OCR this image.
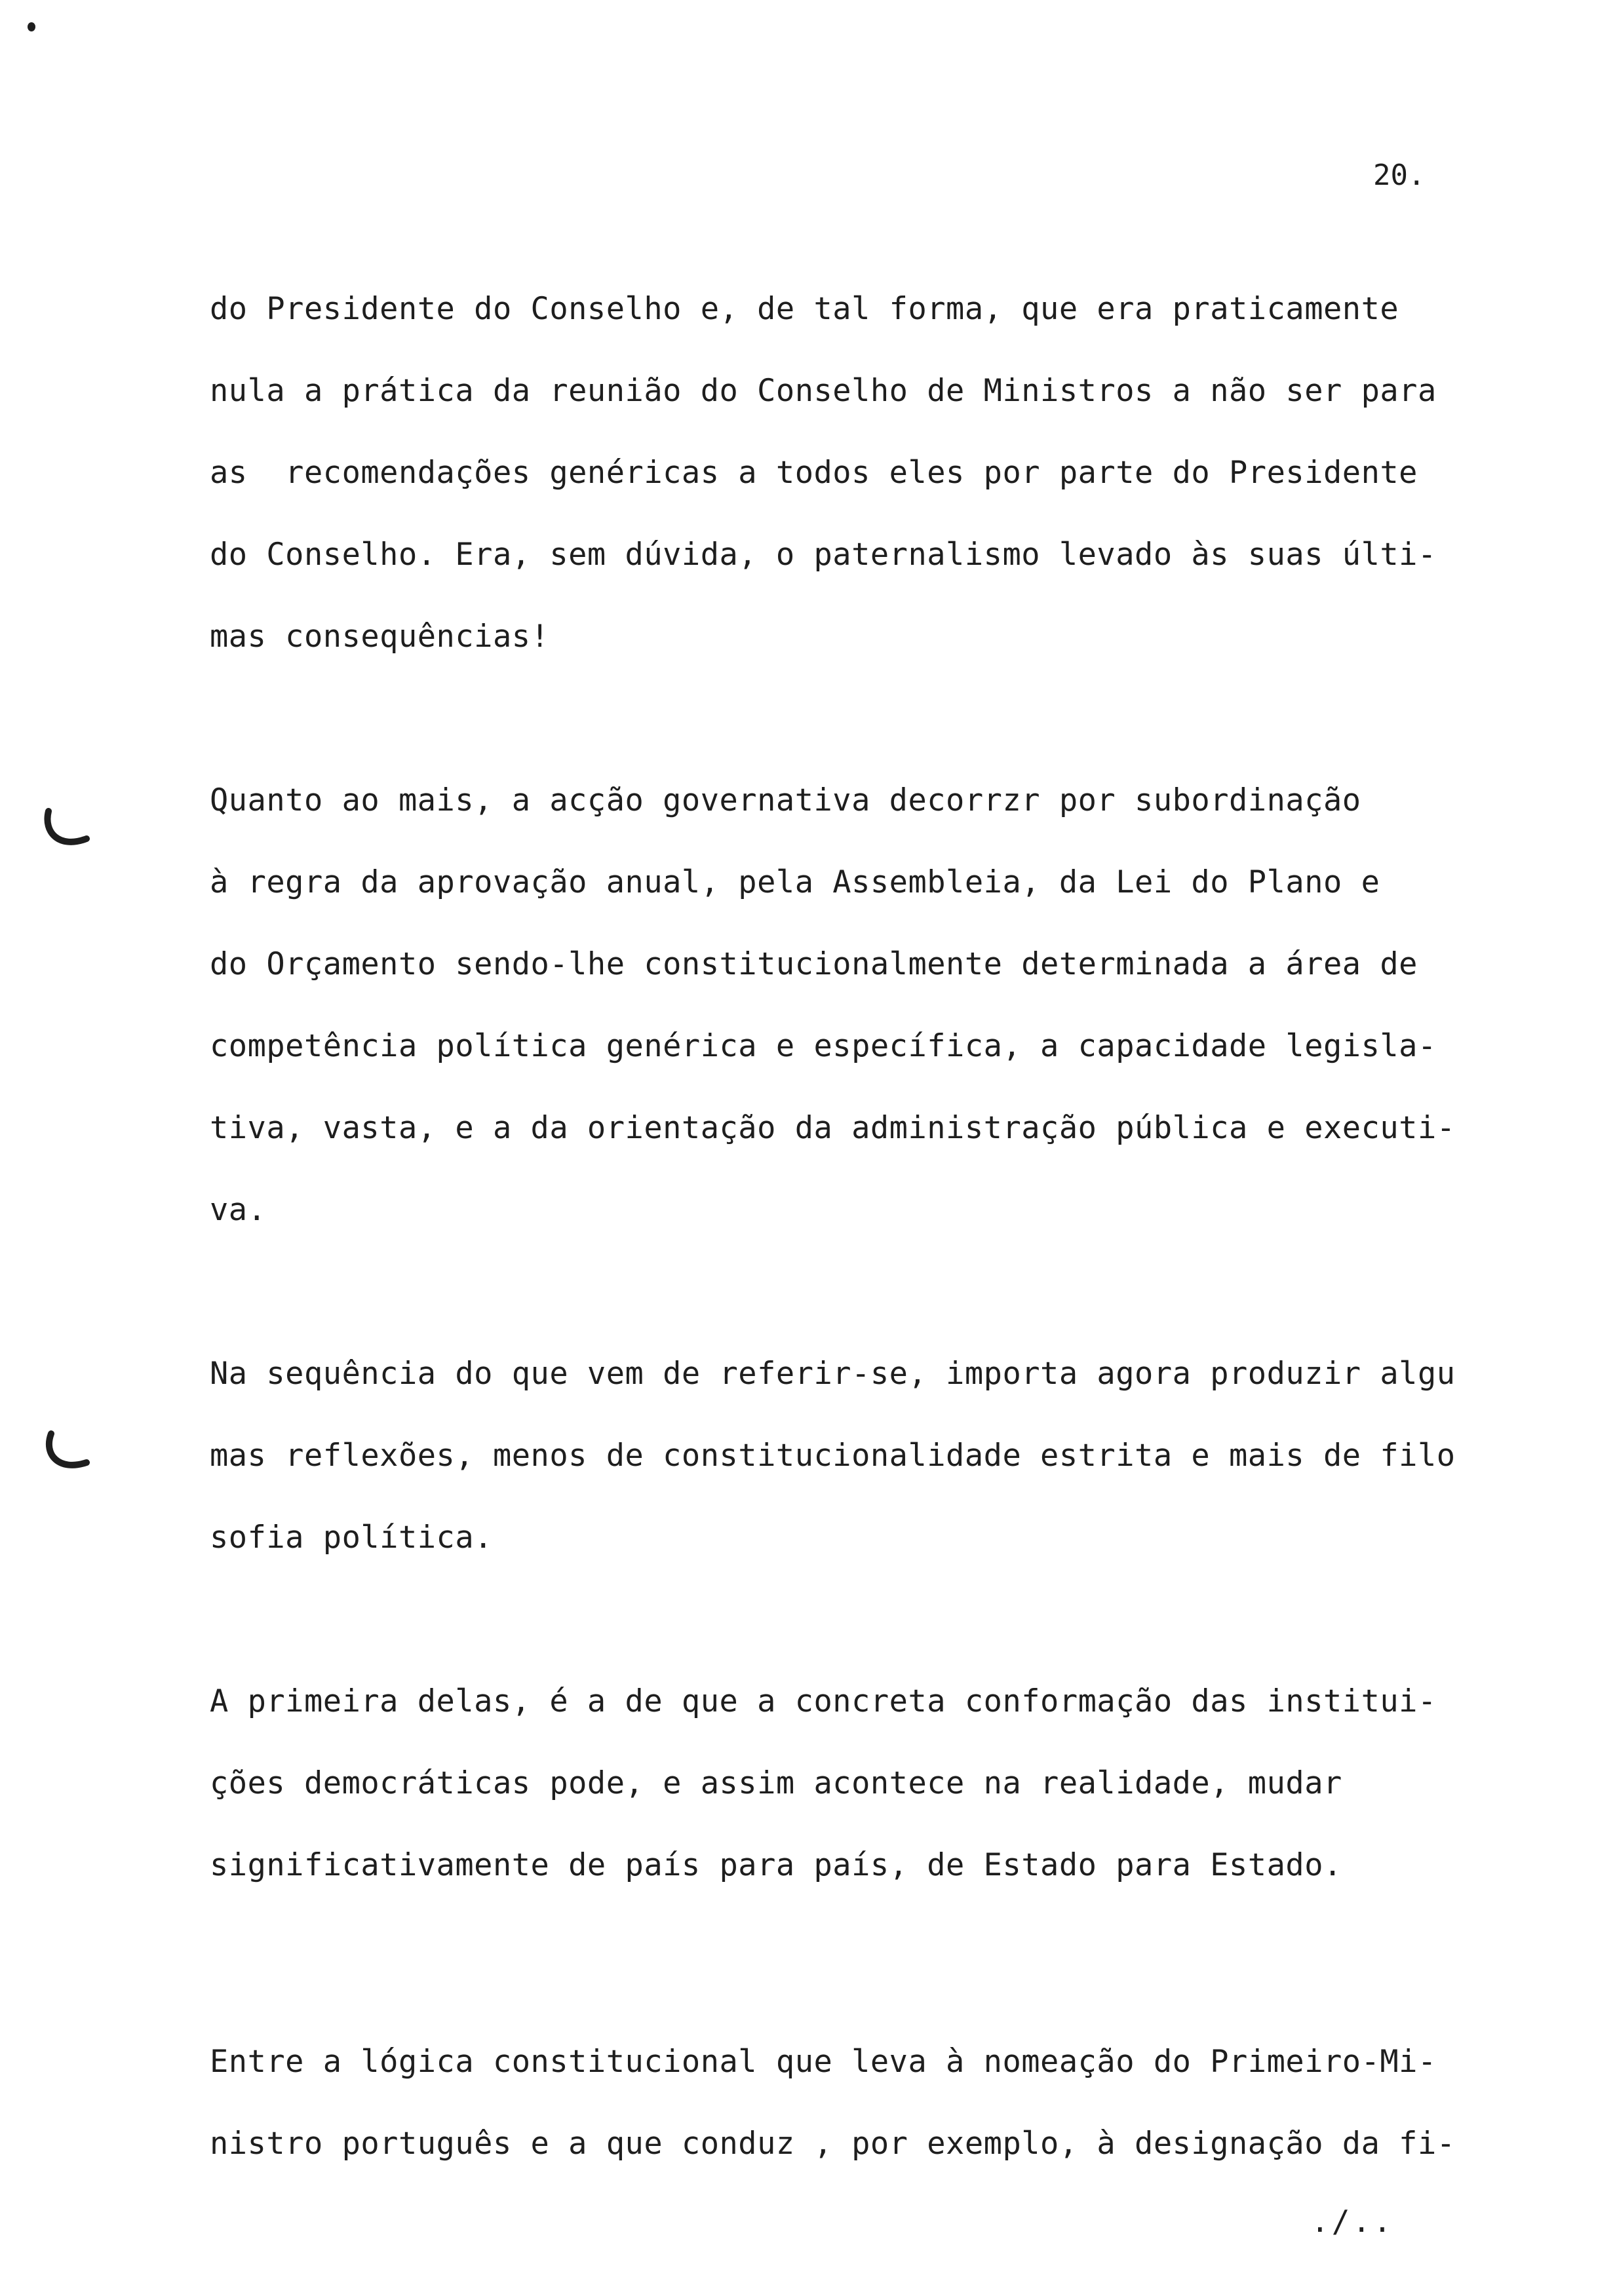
20.
do Presidente do Conselho e, de tal forma, que era praticamente
nula a prática da reunião do Conselho de Ministros a não ser para
as  recomendações genéricas a todos eles por parte do Presidente
do Conselho. Era, sem dúvida, o paternalismo levado às suas últi-
mas consequências!
Quanto ao mais, a acção governativa decorrzr por subordinação
à regra da aprovação anual, pela Assembleia, da Lei do Plano e
do Orçamento sendo-lhe constitucionalmente determinada a área de
competência política genérica e específica, a capacidade legisla-
tiva, vasta, e a da orientação da administração pública e executi-
va.
Na sequência do que vem de referir-se, importa agora produzir algu
mas reflexões, menos de constitucionalidade estrita e mais de filo
sofia política.
A primeira delas, é a de que a concreta conformação das institui-
ções democráticas pode, e assim acontece na realidade, mudar
significativamente de país para país, de Estado para Estado.
Entre a lógica constitucional que leva à nomeação do Primeiro-Mi-
nistro português e a que conduz , por exemplo, à designação da fi-
./..
